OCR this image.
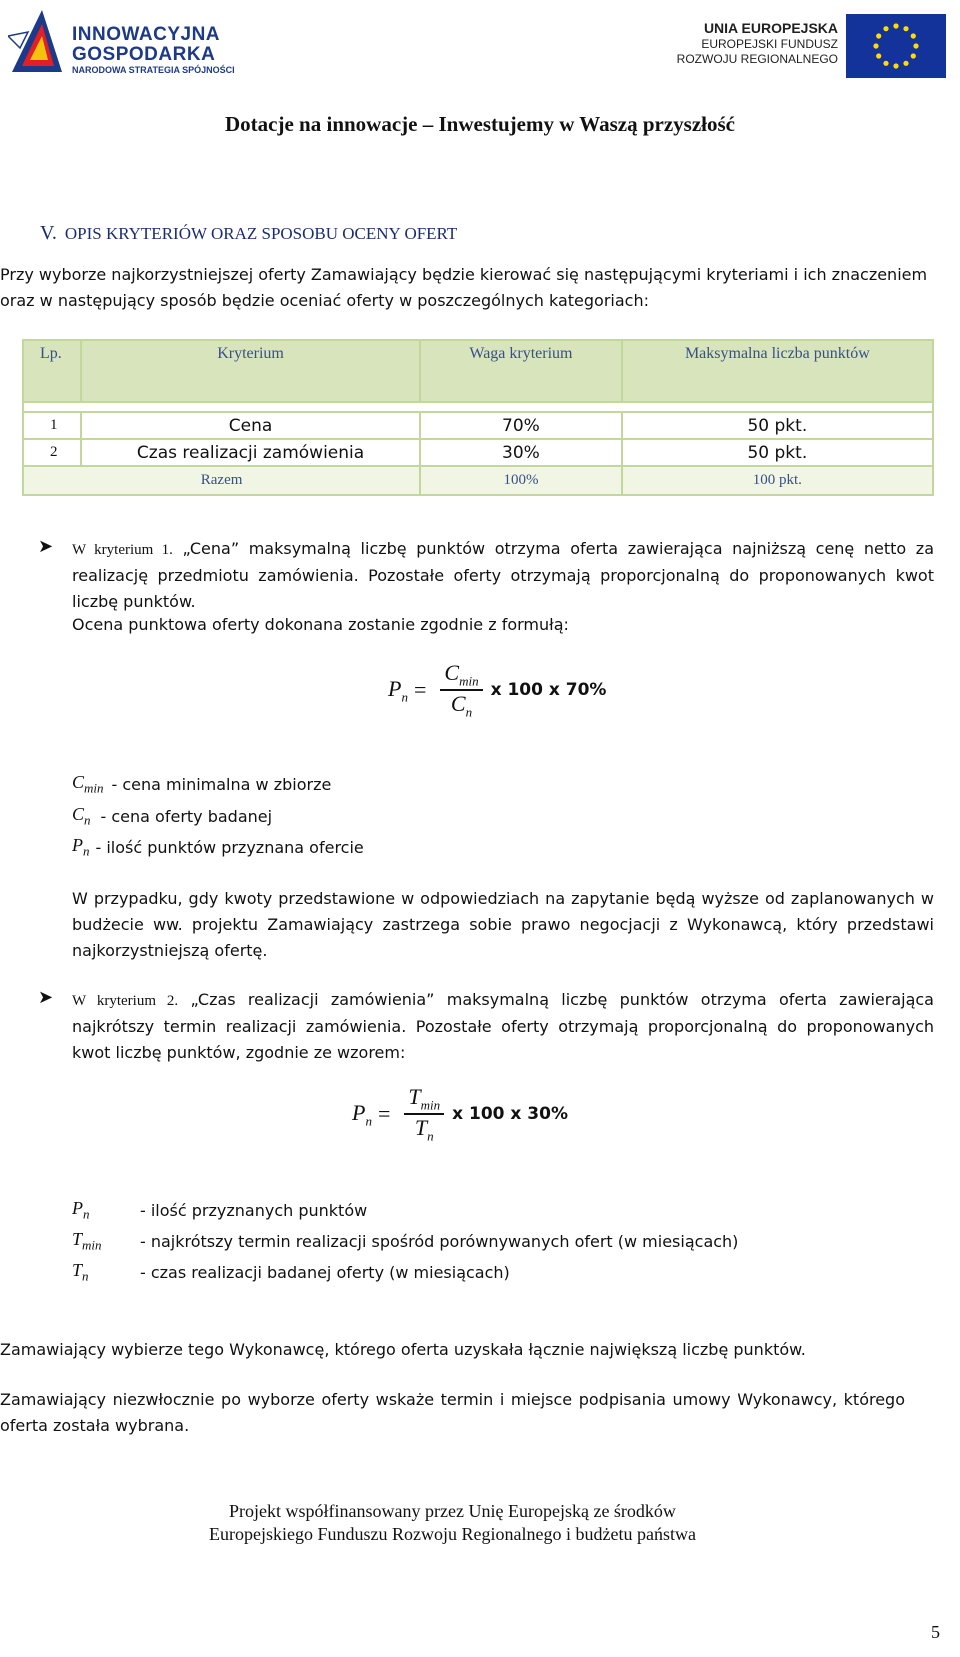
INNOWACYJNA
GOSPODARKA
NARODOWA STRATEGIA SPÓJNOŚCI
UNIA EUROPEJSKA
EUROPEJSKI FUNDUSZ
ROZWOJU REGIONALNEGO
Dotacje na innowacje – Inwestujemy w Waszą przyszłość
V. OPIS KRYTERIÓW ORAZ SPOSOBU OCENY OFERT
Przy wyborze najkorzystniejszej oferty Zamawiający będzie kierować się następującymi kryteriami i ich znaczeniem oraz w następujący sposób będzie oceniać oferty w poszczególnych kategoriach:
Lp.	Kryterium	Waga kryterium	Maksymalna liczba punktów

1	Cena	70%	50 pkt.
2	Czas realizacji zamówienia	30%	50 pkt.
Razem		100%	100 pkt.
➤ W kryterium 1. „Cena” maksymalną liczbę punktów otrzyma oferta zawierająca najniższą cenę netto za realizację przedmiotu zamówienia. Pozostałe oferty otrzymają proporcjonalną do proponowanych kwot liczbę punktów.
Ocena punktowa oferty dokonana zostanie zgodnie z formułą:
$P_n = \frac{C_{min}}{C_n}$ x 100 x 70%
$C_{min}$ - cena minimalna w zbiorze
$C_n$ - cena oferty badanej
$P_n$ - ilość punktów przyznana ofercie
W przypadku, gdy kwoty przedstawione w odpowiedziach na zapytanie będą wyższe od zaplanowanych w budżecie ww. projektu Zamawiający zastrzega sobie prawo negocjacji z Wykonawcą, który przedstawi najkorzystniejszą ofertę.
➤ W kryterium 2. „Czas realizacji zamówienia” maksymalną liczbę punktów otrzyma oferta zawierająca najkrótszy termin realizacji zamówienia. Pozostałe oferty otrzymają proporcjonalną do proponowanych kwot liczbę punktów, zgodnie ze wzorem:
$P_n = \frac{T_{min}}{T_n}$ x 100 x 30%
$P_n$	- ilość przyznanych punktów
$T_{min}$	- najkrótszy termin realizacji spośród porównywanych ofert (w miesiącach)
$T_n$	- czas realizacji badanej oferty (w miesiącach)
Zamawiający wybierze tego Wykonawcę, którego oferta uzyskała łącznie największą liczbę punktów.
Zamawiający niezwłocznie po wyborze oferty wskaże termin i miejsce podpisania umowy Wykonawcy, którego oferta została wybrana.
Projekt współfinansowany przez Unię Europejską ze środków
Europejskiego Funduszu Rozwoju Regionalnego i budżetu państwa
5
